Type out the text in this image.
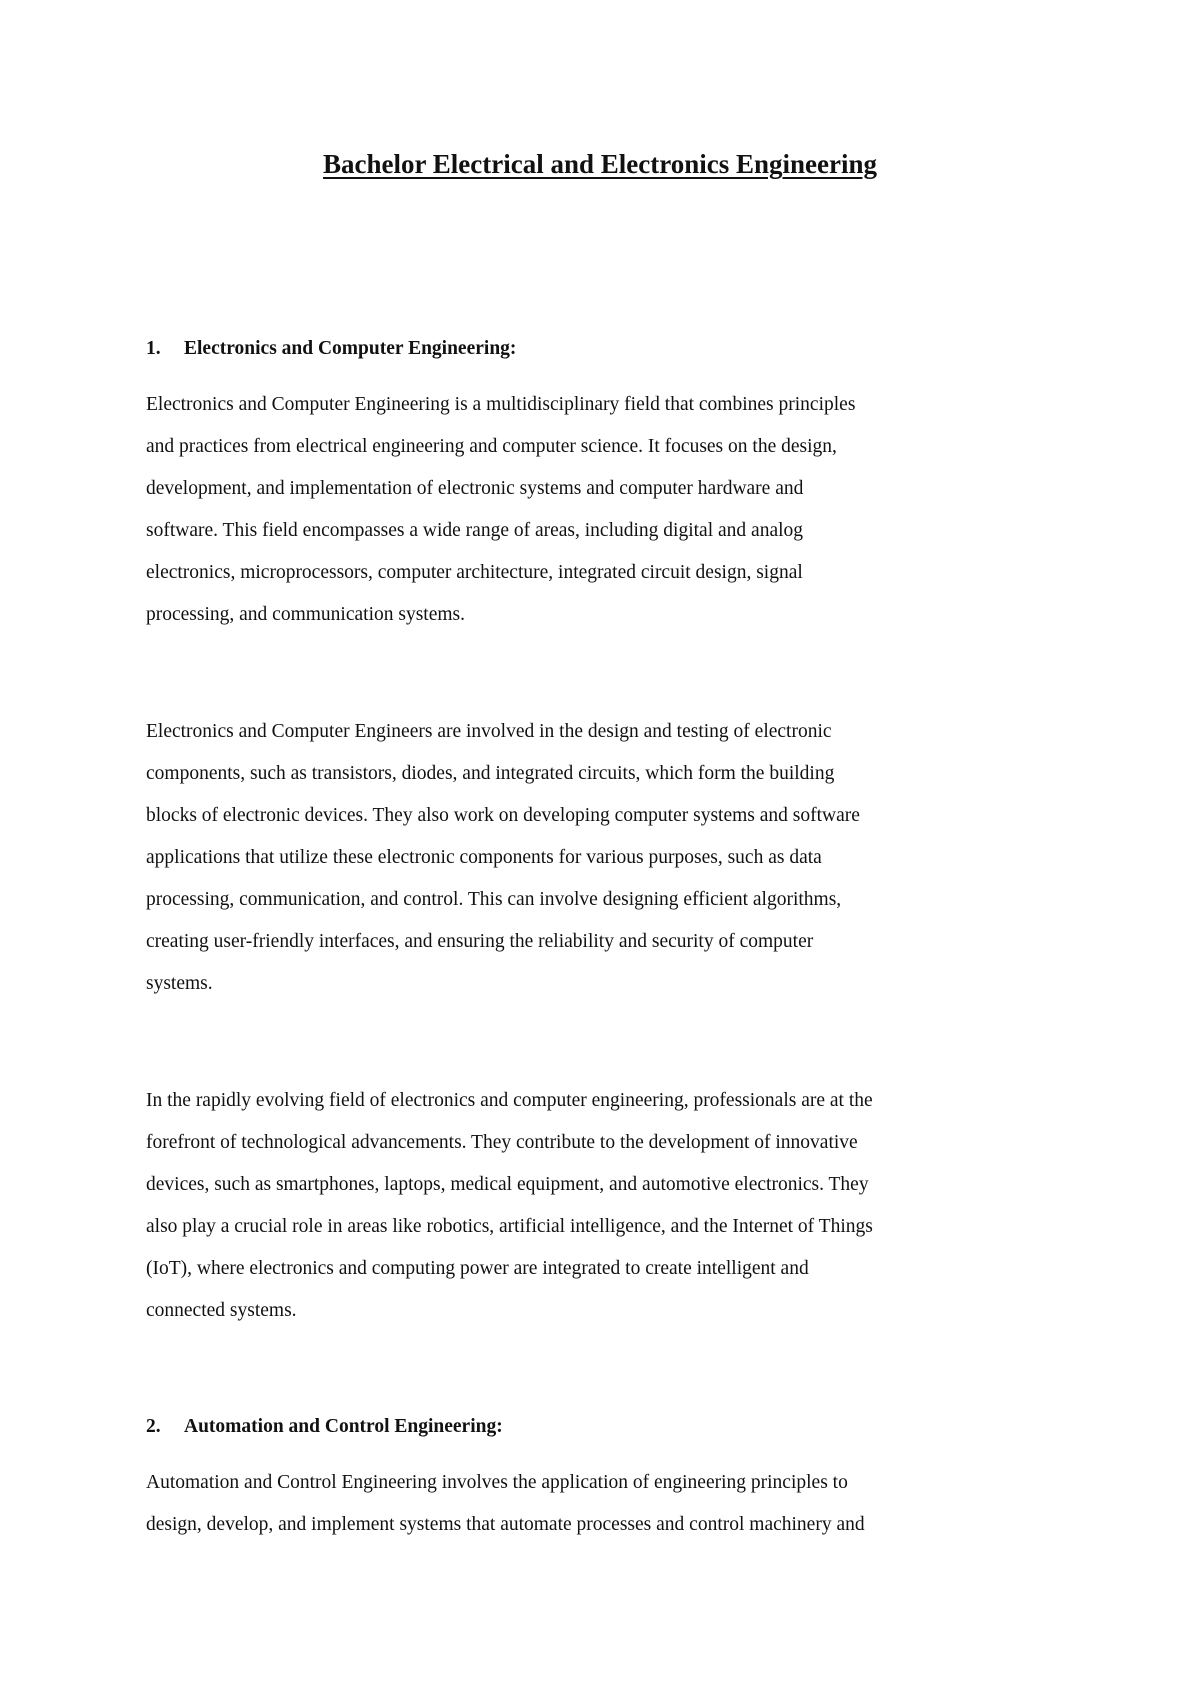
Bachelor Electrical and Electronics Engineering
1. Electronics and Computer Engineering:
Electronics and Computer Engineering is a multidisciplinary field that combines principles
and practices from electrical engineering and computer science. It focuses on the design,
development, and implementation of electronic systems and computer hardware and
software. This field encompasses a wide range of areas, including digital and analog
electronics, microprocessors, computer architecture, integrated circuit design, signal
processing, and communication systems.
Electronics and Computer Engineers are involved in the design and testing of electronic
components, such as transistors, diodes, and integrated circuits, which form the building
blocks of electronic devices. They also work on developing computer systems and software
applications that utilize these electronic components for various purposes, such as data
processing, communication, and control. This can involve designing efficient algorithms,
creating user-friendly interfaces, and ensuring the reliability and security of computer
systems.
In the rapidly evolving field of electronics and computer engineering, professionals are at the
forefront of technological advancements. They contribute to the development of innovative
devices, such as smartphones, laptops, medical equipment, and automotive electronics. They
also play a crucial role in areas like robotics, artificial intelligence, and the Internet of Things
(IoT), where electronics and computing power are integrated to create intelligent and
connected systems.
2. Automation and Control Engineering:
Automation and Control Engineering involves the application of engineering principles to
design, develop, and implement systems that automate processes and control machinery and
